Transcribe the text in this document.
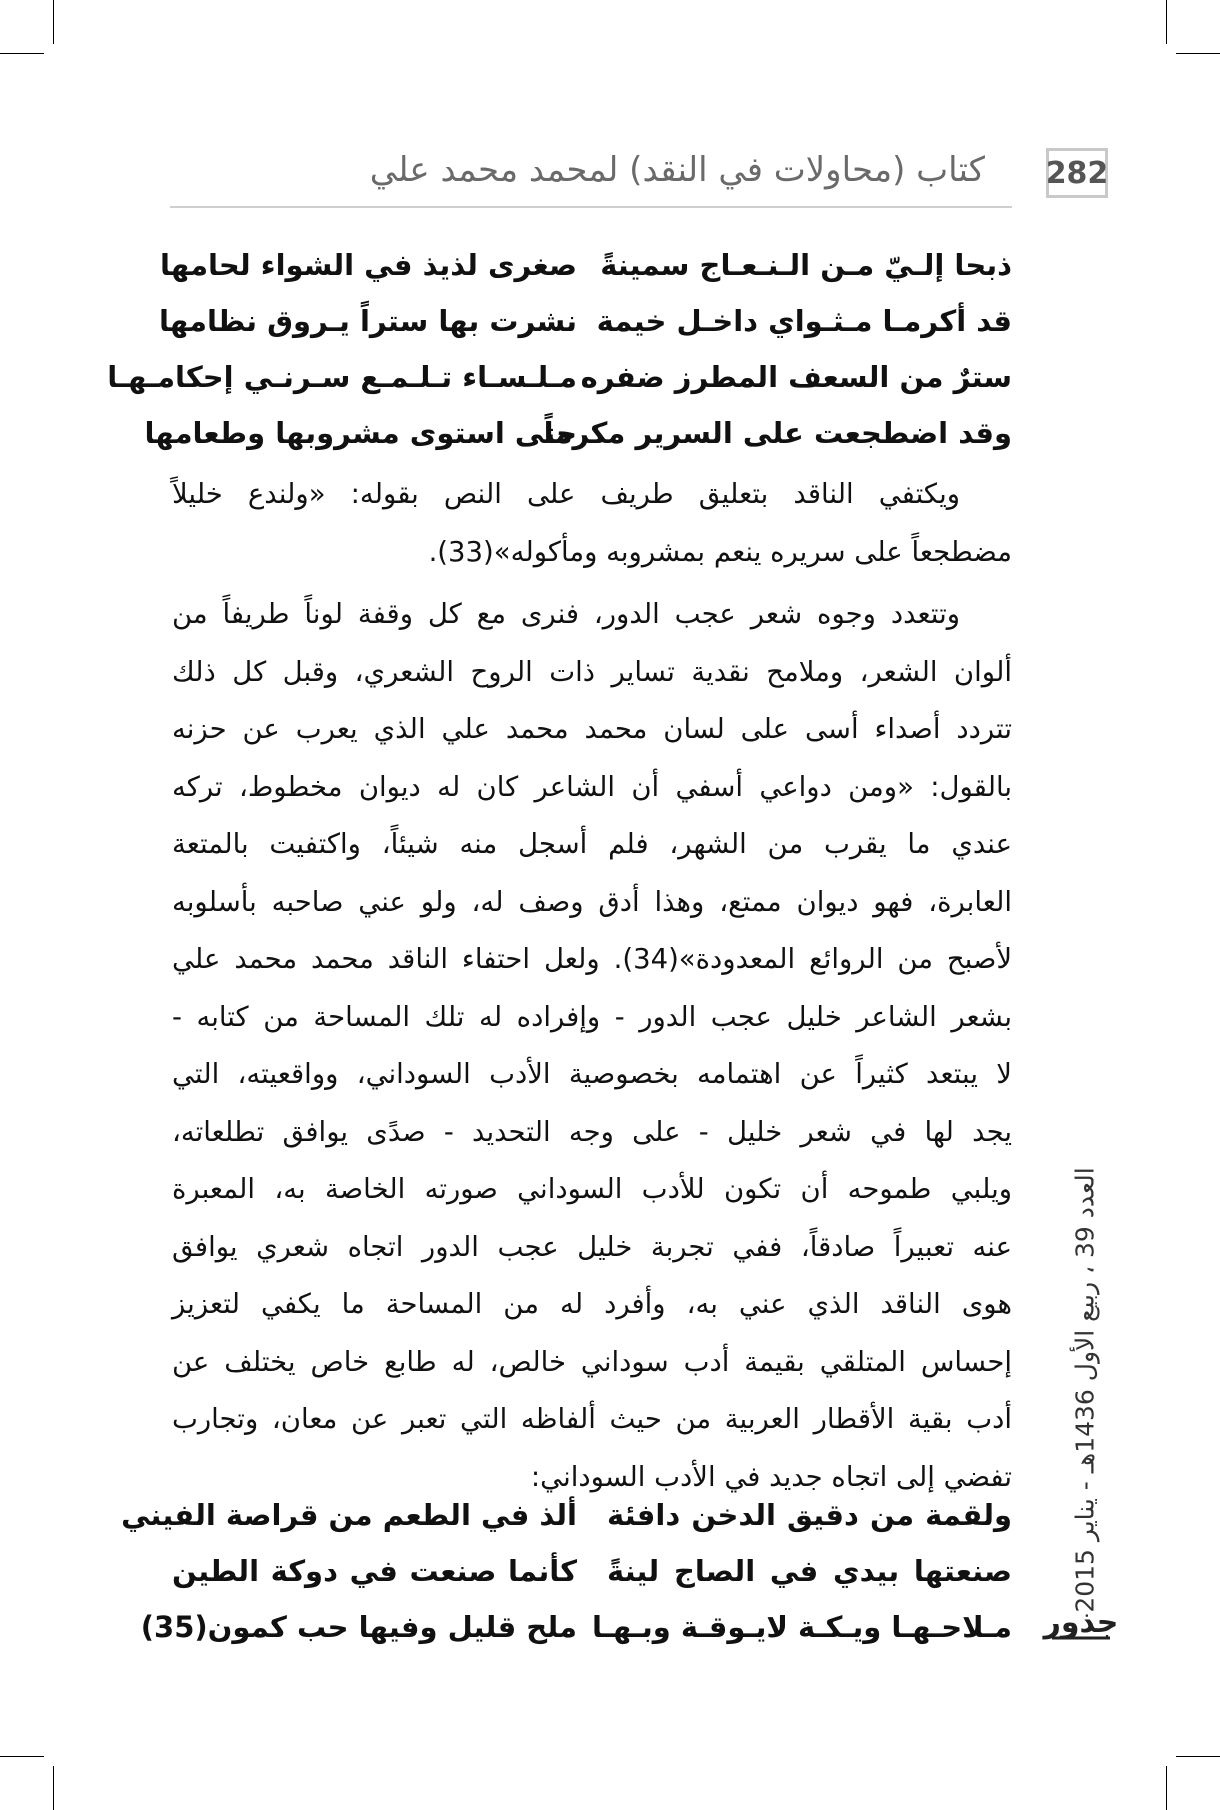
282
كتاب (محاولات في النقد) لمحمد محمد علي
ذبحا إلـيّ مـن الـنـعـاج سمينةً
صغرى لذيذ في الشواء لحامها
قد أكرمـا مـثـواي داخـل خيمة
نشرت بها ستراً يـروق نظامها
سترٌ من السعف المطرز ضفره
مـلـسـاء تـلـمـع سـرنـي إحكامـهـا
وقد اضطجعت على السرير مكرماً
حتى استوى مشروبها وطعامها

ويكتفي الناقد بتعليق طريف على النص بقوله: «ولندع خليلاً

مضطجعاً على سريره ينعم بمشروبه ومأكوله»(33).

وتتعدد وجوه شعر عجب الدور، فنرى مع كل وقفة لوناً طريفاً من

ألوان الشعر، وملامح نقدية تساير ذات الروح الشعري، وقبل كل ذلك

تتردد أصداء أسى على لسان محمد محمد علي الذي يعرب عن حزنه

بالقول: «ومن دواعي أسفي أن الشاعر كان له ديوان مخطوط، تركه

عندي ما يقرب من الشهر، فلم أسجل منه شيئاً، واكتفيت بالمتعة

العابرة، فهو ديوان ممتع، وهذا أدق وصف له، ولو عني صاحبه بأسلوبه

لأصبح من الروائع المعدودة»(34). ولعل احتفاء الناقد محمد محمد علي

بشعر الشاعر خليل عجب الدور - وإفراده له تلك المساحة من كتابه -

لا يبتعد كثيراً عن اهتمامه بخصوصية الأدب السوداني، وواقعيته، التي

يجد لها في شعر خليل - على وجه التحديد - صدًى يوافق تطلعاته،

ويلبي طموحه أن تكون للأدب السوداني صورته الخاصة به، المعبرة

عنه تعبيراً صادقاً، ففي تجربة خليل عجب الدور اتجاه شعري يوافق

هوى الناقد الذي عني به، وأفرد له من المساحة ما يكفي لتعزيز

إحساس المتلقي بقيمة أدب سوداني خالص، له طابع خاص يختلف عن

أدب بقية الأقطار العربية من حيث ألفاظه التي تعبر عن معان، وتجارب

تفضي إلى اتجاه جديد في الأدب السوداني:

ولقمة من دقيق الدخن دافئة
ألذ في الطعم من قراصة الفيني
صنعتها بيدي في الصاج لينةً
كأنما صنعت في دوكة الطين
مـلاحـهـا ويـكـة لايـوقـة وبـهـا
ملح قليل وفيها حب كمون(35)
العدد 39 ، ربيع الأول 1436هـ - يناير 2015
جذور
